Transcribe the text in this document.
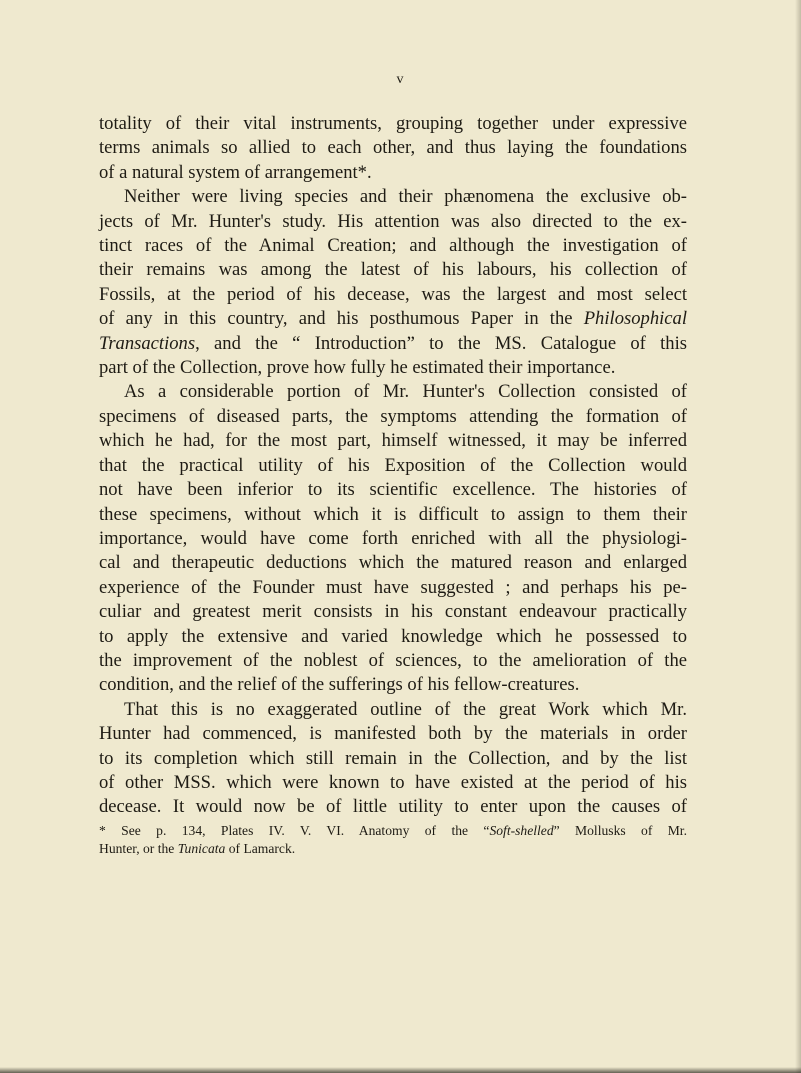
v
totality of their vital instruments, grouping together under expressive
terms animals so allied to each other, and thus laying the foundations
of a natural system of arrangement*.
Neither were living species and their phænomena the exclusive ob-
jects of Mr. Hunter's study. His attention was also directed to the ex-
tinct races of the Animal Creation; and although the investigation of
their remains was among the latest of his labours, his collection of
Fossils, at the period of his decease, was the largest and most select
of any in this country, and his posthumous Paper in the Philosophical
Transactions, and the “ Introduction” to the MS. Catalogue of this
part of the Collection, prove how fully he estimated their importance.
As a considerable portion of Mr. Hunter's Collection consisted of
specimens of diseased parts, the symptoms attending the formation of
which he had, for the most part, himself witnessed, it may be inferred
that the practical utility of his Exposition of the Collection would
not have been inferior to its scientific excellence. The histories of
these specimens, without which it is difficult to assign to them their
importance, would have come forth enriched with all the physiologi-
cal and therapeutic deductions which the matured reason and enlarged
experience of the Founder must have suggested ; and perhaps his pe-
culiar and greatest merit consists in his constant endeavour practically
to apply the extensive and varied knowledge which he possessed to
the improvement of the noblest of sciences, to the amelioration of the
condition, and the relief of the sufferings of his fellow-creatures.
That this is no exaggerated outline of the great Work which Mr.
Hunter had commenced, is manifested both by the materials in order
to its completion which still remain in the Collection, and by the list
of other MSS. which were known to have existed at the period of his
decease. It would now be of little utility to enter upon the causes of
* See p. 134, Plates IV. V. VI. Anatomy of the “Soft-shelled” Mollusks of Mr.
Hunter, or the Tunicata of Lamarck.
